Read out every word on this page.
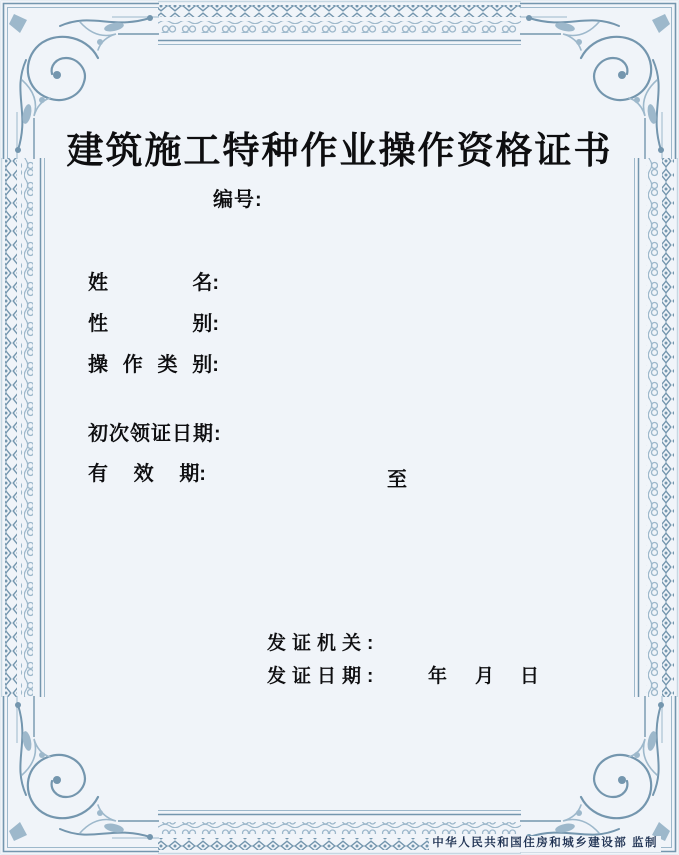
建筑施工特种作业操作资格证书
编号:
姓	名:
性	别:
操 作 类 别:
初次领证日期:
有 效 期:	至
发证机关:
发证日期:	年 月 日
中华人民共和国住房和城乡建设部 监制
